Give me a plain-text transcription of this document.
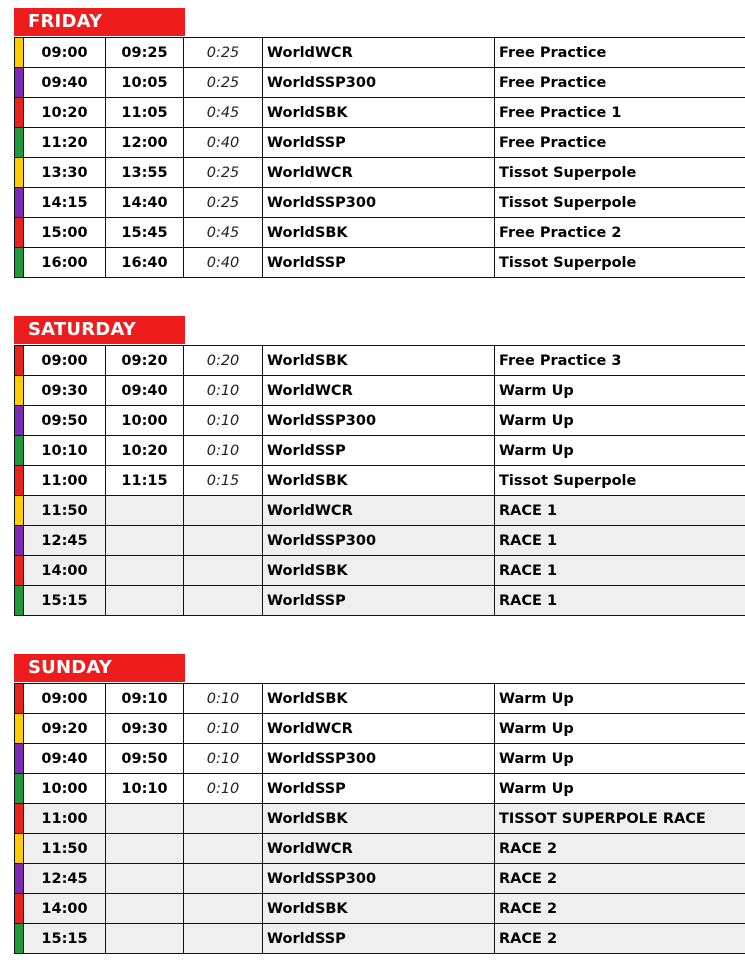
FRIDAY
	09:00	09:25	0:25	WorldWCR	Free Practice
	09:40	10:05	0:25	WorldSSP300	Free Practice
	10:20	11:05	0:45	WorldSBK	Free Practice 1
	11:20	12:00	0:40	WorldSSP	Free Practice
	13:30	13:55	0:25	WorldWCR	Tissot Superpole
	14:15	14:40	0:25	WorldSSP300	Tissot Superpole
	15:00	15:45	0:45	WorldSBK	Free Practice 2
	16:00	16:40	0:40	WorldSSP	Tissot Superpole
SATURDAY
	09:00	09:20	0:20	WorldSBK	Free Practice 3
	09:30	09:40	0:10	WorldWCR	Warm Up
	09:50	10:00	0:10	WorldSSP300	Warm Up
	10:10	10:20	0:10	WorldSSP	Warm Up
	11:00	11:15	0:15	WorldSBK	Tissot Superpole
	11:50			WorldWCR	RACE 1
	12:45			WorldSSP300	RACE 1
	14:00			WorldSBK	RACE 1
	15:15			WorldSSP	RACE 1
SUNDAY
	09:00	09:10	0:10	WorldSBK	Warm Up
	09:20	09:30	0:10	WorldWCR	Warm Up
	09:40	09:50	0:10	WorldSSP300	Warm Up
	10:00	10:10	0:10	WorldSSP	Warm Up
	11:00			WorldSBK	TISSOT SUPERPOLE RACE
	11:50			WorldWCR	RACE 2
	12:45			WorldSSP300	RACE 2
	14:00			WorldSBK	RACE 2
	15:15			WorldSSP	RACE 2
